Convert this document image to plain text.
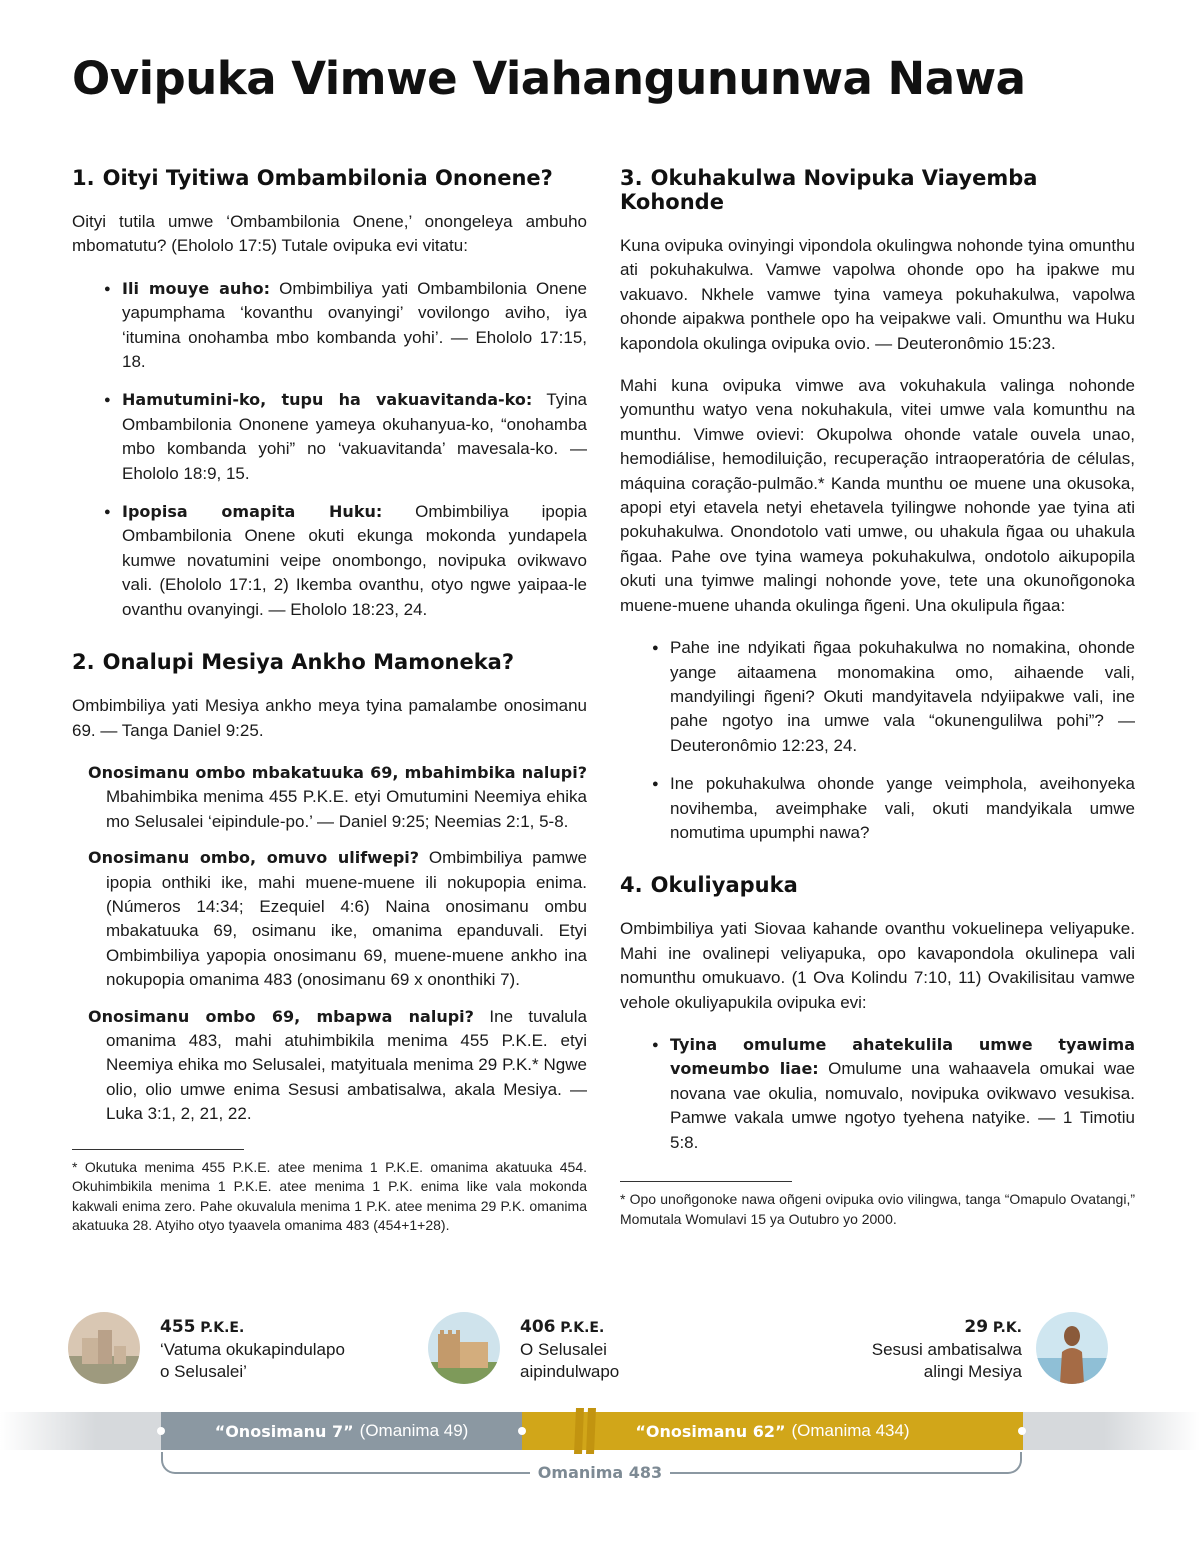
Ovipuka Vimwe Viahangununwa Nawa
1. Oityi Tyitiwa Ombambilonia Ononene?

Oityi tutila umwe ‘Ombambilonia Onene,’ onongeleya ambuho mbomatutu? (Ehololo 17:5) Tutale ovipuka evi vitatu:

● Ili mouye auho: Ombimbiliya yati Ombambilonia Onene yapumphama ‘kovanthu ovanyingi’ vovilongo aviho, iya ‘itumina onohamba mbo kombanda yohi’. — Ehololo 17:15, 18.
● Hamutumini-ko, tupu ha vakuavitanda-ko: Tyina Ombambilonia Ononene yameya okuhanyua-ko, “onohamba mbo kombanda yohi” no ‘vakuavitanda’ mavesala-ko. — Ehololo 18:9, 15.
● Ipopisa omapita Huku: Ombimbiliya ipopia Ombambilonia Onene okuti ekunga mokonda yundapela kumwe novatumini veipe onombongo, novipuka ovikwavo vali. (Ehololo 17:1, 2) Ikemba ovanthu, otyo ngwe yaipaa-le ovanthu ovanyingi. — Ehololo 18:23, 24.
2. Onalupi Mesiya Ankho Mamoneka?

Ombimbiliya yati Mesiya ankho meya tyina pamalambe onosimanu 69. — Tanga Daniel 9:25.

Onosimanu ombo mbakatuuka 69, mbahimbika nalupi? Mbahimbika menima 455 P.K.E. etyi Omutumini Neemiya ehika mo Selusalei ‘eipindule-po.’ — Daniel 9:25; Neemias 2:1, 5-8.
Onosimanu ombo, omuvo ulifwepi? Ombimbiliya pamwe ipopia onthiki ike, mahi muene-muene ili nokupopia enima. (Números 14:34; Ezequiel 4:6) Naina onosimanu ombu mbakatuuka 69, osimanu ike, omanima epanduvali. Etyi Ombimbiliya yapopia onosimanu 69, muene-muene ankho ina nokupopia omanima 483 (onosimanu 69 x ononthiki 7).
Onosimanu ombo 69, mbapwa nalupi? Ine tuvalula omanima 483, mahi atuhimbikila menima 455 P.K.E. etyi Neemiya ehika mo Selusalei, matyituala menima 29 P.K.* Ngwe olio, olio umwe enima Sesusi ambatisalwa, akala Mesiya. — Luka 3:1, 2, 21, 22.

* Okutuka menima 455 P.K.E. atee menima 1 P.K.E. omanima akatuuka 454. Okuhimbikila menima 1 P.K.E. atee menima 1 P.K. enima like vala mokonda kakwali enima zero. Pahe okuvalula menima 1 P.K. atee menima 29 P.K. omanima akatuuka 28. Atyiho otyo tyaavela omanima 483 (454+1+28).

3. Okuhakulwa Novipuka Viayemba Kohonde

Kuna ovipuka ovinyingi vipondola okulingwa nohonde tyina omunthu ati pokuhakulwa. Vamwe vapolwa ohonde opo ha ipakwe mu vakuavo. Nkhele vamwe tyina vameya pokuhakulwa, vapolwa ohonde aipakwa ponthele opo ha veipakwe vali. Omunthu wa Huku kapondola okulinga ovipuka ovio. — Deuteronômio 15:23.

Mahi kuna ovipuka vimwe ava vokuhakula valinga nohonde yomunthu watyo vena nokuhakula, vitei umwe vala komunthu na munthu. Vimwe ovievi: Okupolwa ohonde vatale ouvela unao, hemodiálise, hemodiluição, recuperação intraoperatória de células, máquina coração-pulmão.* Kanda munthu oe muene una okusoka, apopi etyi etavela netyi ehetavela tyilingwe nohonde yae tyina ati pokuhakulwa. Onondotolo vati umwe, ou uhakula ñgaa ou uhakula ñgaa. Pahe ove tyina wameya pokuhakulwa, ondotolo aikupopila okuti una tyimwe malingi nohonde yove, tete una okunoñgonoka muene-muene uhanda okulinga ñgeni. Una okulipula ñgaa:

● Pahe ine ndyikati ñgaa pokuhakulwa no nomakina, ohonde yange aitaamena monomakina omo, aihaende vali, mandyilingi ñgeni? Okuti mandyitavela ndyiipakwe vali, ine pahe ngotyo ina umwe vala “okunengulilwa pohi”? — Deuteronômio 12:23, 24.
● Ine pokuhakulwa ohonde yange veimphola, aveihonyeka novihemba, aveimphake vali, okuti mandyikala umwe nomutima upumphi nawa?
4. Okuliyapuka

Ombimbiliya yati Siovaa kahande ovanthu vokuelinepa veliyapuke. Mahi ine ovalinepi veliyapuka, opo kavapondola okulinepa vali nomunthu omukuavo. (1 Ova Kolindu 7:10, 11) Ovakilisitau vamwe vehole okuliyapukila ovipuka evi:

● Tyina omulume ahatekulila umwe tyawima vomeumbo liae: Omulume una wahaavela omukai wae novana vae okulia, nomuvalo, novipuka ovikwavo vesukisa. Pamwe vakala umwe ngotyo tyehena natyike. — 1 Timotiu 5:8.

* Opo unoñgonoke nawa oñgeni ovipuka ovio vilingwa, tanga “Omapulo Ovatangi,” Momutala Womulavi 15 ya Outubro yo 2000.

455 P.K.E.
‘Vatuma okukapindulapo
o Selusalei’
406 P.K.E.
O Selusalei
aipindulwapo
29 P.K.
Sesusi ambatisalwa
alingi Mesiya
“Onosimanu 7” (Omanima 49)	“Onosimanu 62” (Omanima 434)
Omanima 483
